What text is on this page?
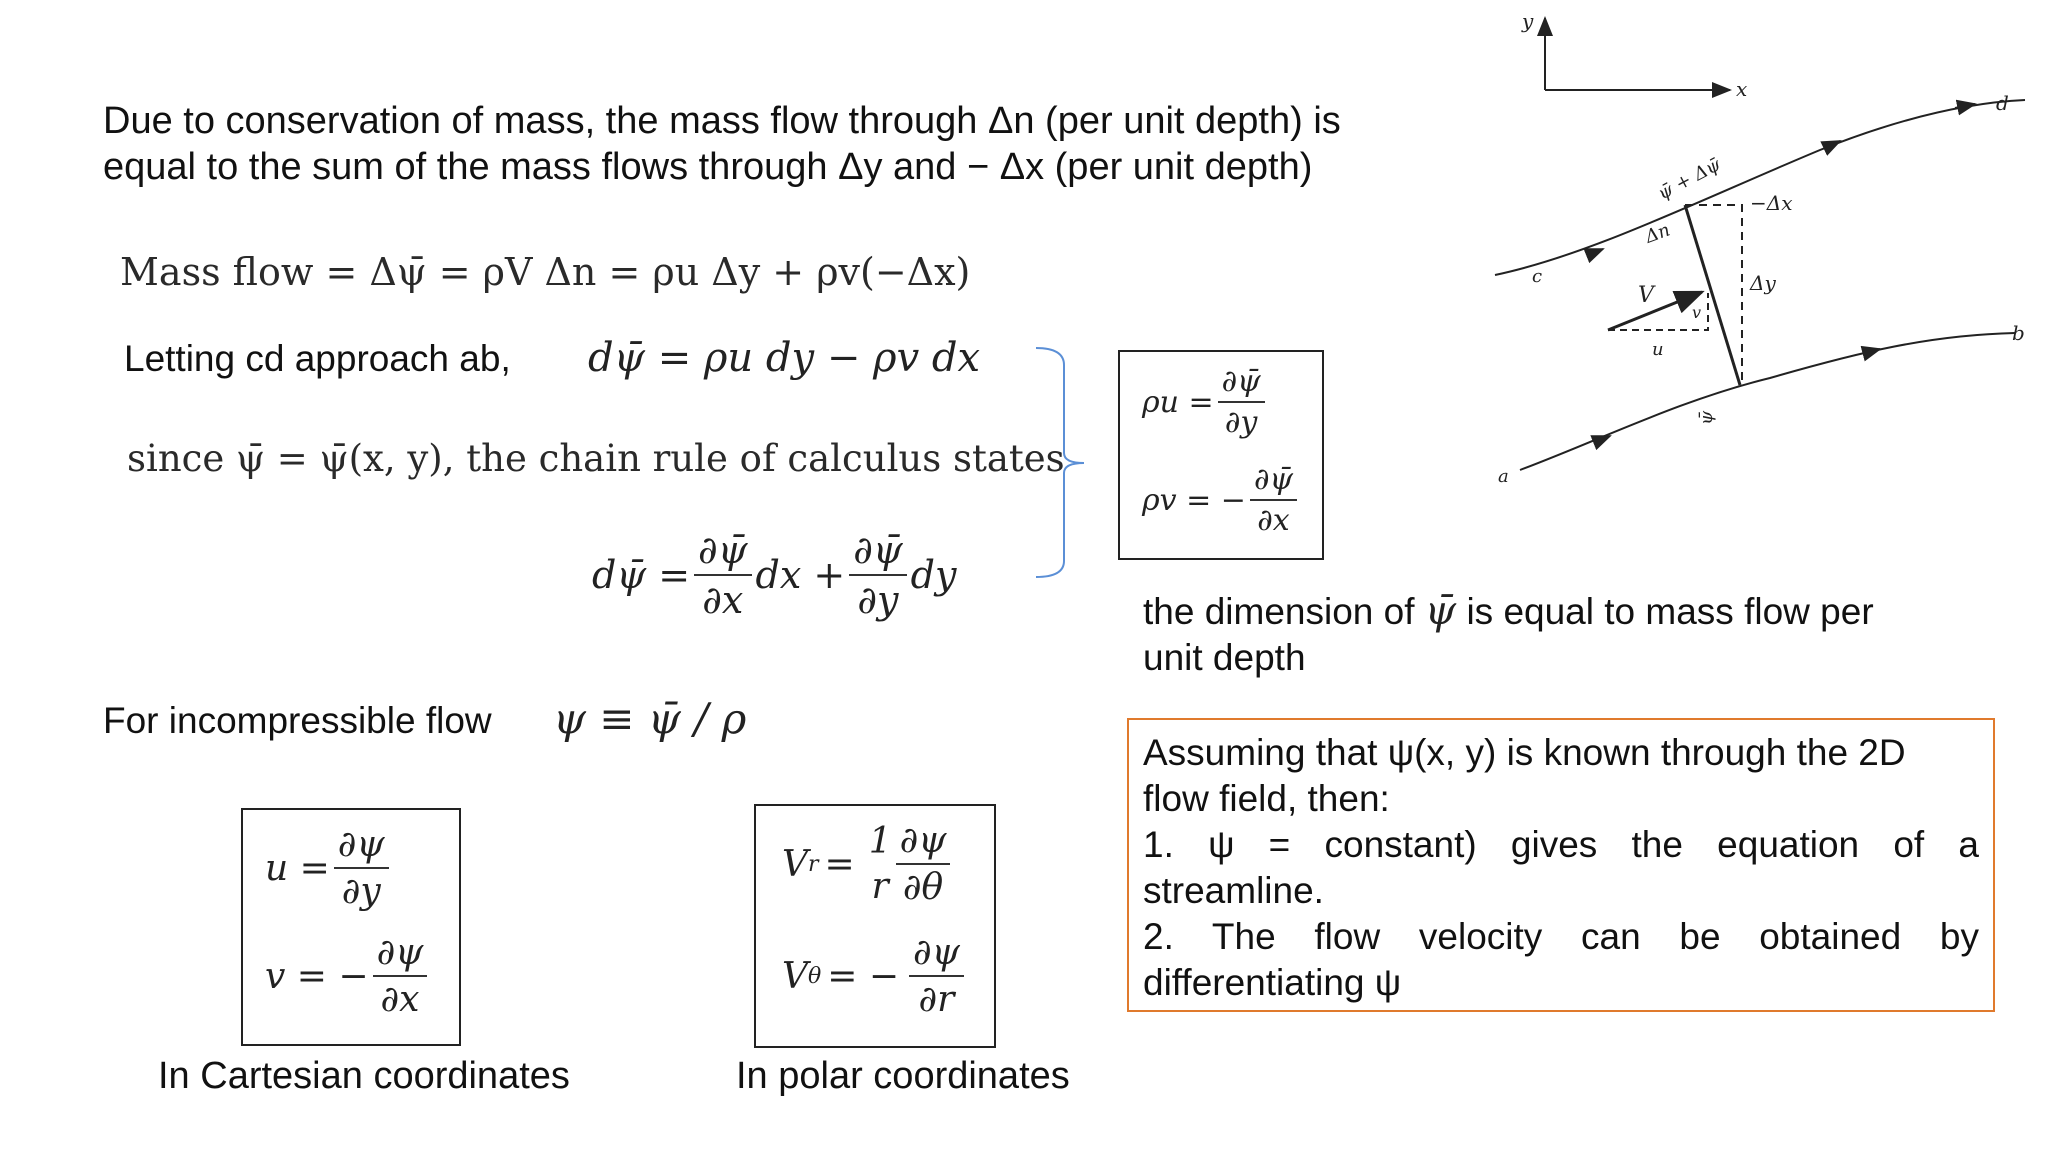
Due to conservation of mass, the mass flow through Δn (per unit depth) is
equal to the sum of the mass flows through Δy and − Δx (per unit depth)
Mass flow = Δψ̄ = ρV Δn = ρu Δy + ρv(−Δx)
Letting cd approach ab, dψ̄ = ρu dy − ρv dx
since ψ̄ = ψ̄(x, y), the chain rule of calculus states
dψ̄ = $\frac{\partial\psī}{\partial x}$ dx + $\frac{\partial\psī}{\partial y}$ dy
$\rho u = \frac{\partial\psī}{\partial y}$
ρv = − $\frac{\partial\psī}{\partial x}$
the dimension of ψ̄ is equal to mass flow per
unit depth
For incompressible flow ψ ≡ ψ̄ / ρ
$u = \frac{\partial\psi}{\partial y}$
v = − $\frac{\partial\psi}{\partial x}$
In Cartesian coordinates
V r =
1
r $\frac{\partial\psi}{\partial\theta}$
V θ = − $\frac{\partial\psi}{\partial r}$
In polar coordinates
Assuming that ψ(x, y) is known through the 2D
flow field, then:
1. ψ = constant) gives the equation of a
streamline.
2. The flow velocity can be obtained by
differentiating ψ
y
x
c
d
a
b
ψ̄ + Δψ̄
Δn
−Δx
Δy
V
u
v
ψ̄
